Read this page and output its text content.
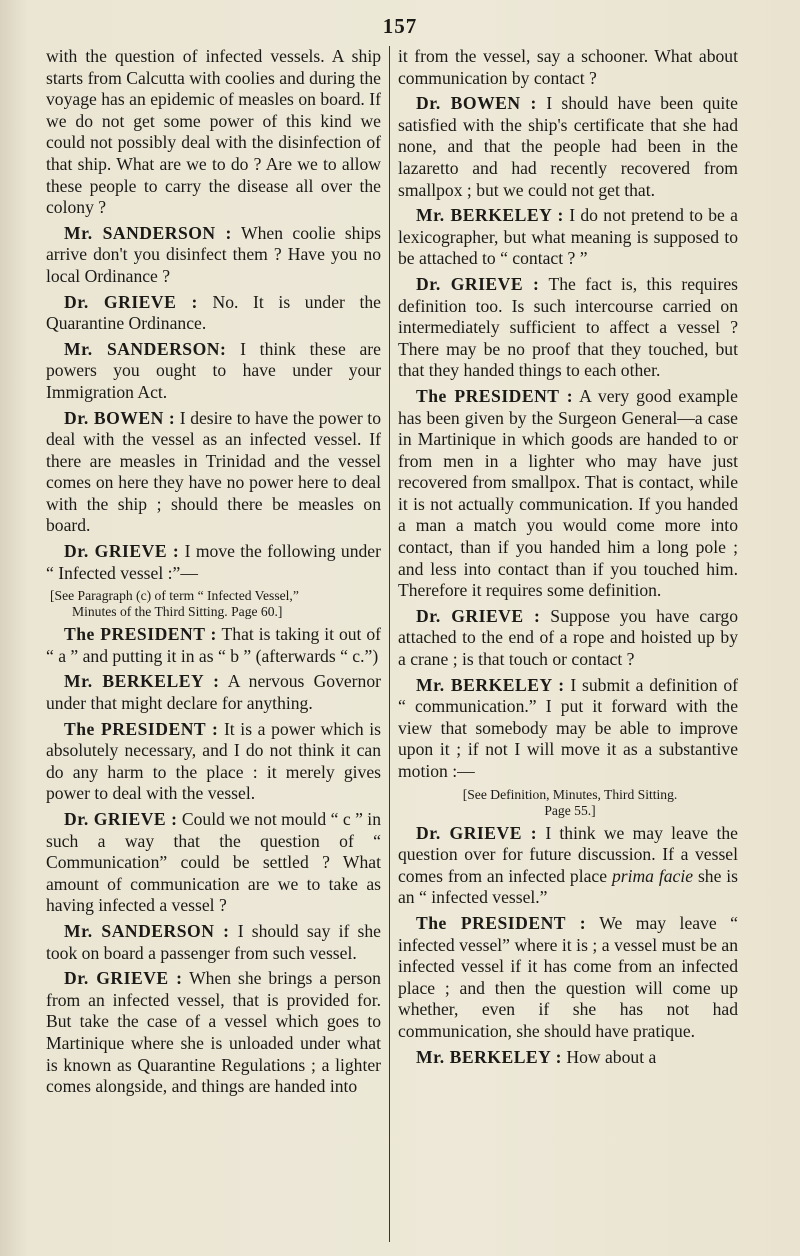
157

with the question of infected vessels. A ship starts from Calcutta with coolies and during the voyage has an epidemic of measles on board. If we do not get some power of this kind we could not possibly deal with the disinfection of that ship. What are we to do ? Are we to allow these people to carry the disease all over the colony ?

Mr. SANDERSON : When coolie ships arrive don't you disinfect them ? Have you no local Ordinance ?

Dr. GRIEVE : No. It is under the Quarantine Ordinance.

Mr. SANDERSON: I think these are powers you ought to have under your Immigration Act.

Dr. BOWEN : I desire to have the power to deal with the vessel as an infected vessel. If there are measles in Trinidad and the vessel comes on here they have no power here to deal with the ship ; should there be measles on board.

Dr. GRIEVE : I move the following under “ Infected vessel :”—

[See Paragraph (c) of term “ Infected Vessel,”
Minutes of the Third Sitting. Page 60.]

The PRESIDENT : That is taking it out of “ a ” and putting it in as “ b ” (afterwards “ c.”)

Mr. BERKELEY : A nervous Governor under that might declare for anything.

The PRESIDENT : It is a power which is absolutely necessary, and I do not think it can do any harm to the place : it merely gives power to deal with the vessel.

Dr. GRIEVE : Could we not mould “ c ” in such a way that the question of “ Communication” could be settled ? What amount of communication are we to take as having infected a vessel ?

Mr. SANDERSON : I should say if she took on board a passenger from such vessel.

Dr. GRIEVE : When she brings a person from an infected vessel, that is provided for. But take the case of a vessel which goes to Martinique where she is unloaded under what is known as Quarantine Regulations ; a lighter comes alongside, and things are handed into

it from the vessel, say a schooner. What about communication by contact ?

Dr. BOWEN : I should have been quite satisfied with the ship's certificate that she had none, and that the people had been in the lazaretto and had recently recovered from smallpox ; but we could not get that.

Mr. BERKELEY : I do not pretend to be a lexicographer, but what meaning is supposed to be attached to “ contact ? ”

Dr. GRIEVE : The fact is, this requires definition too. Is such intercourse carried on intermediately sufficient to affect a vessel ? There may be no proof that they touched, but that they handed things to each other.

The PRESIDENT : A very good example has been given by the Surgeon General—a case in Martinique in which goods are handed to or from men in a lighter who may have just recovered from smallpox. That is contact, while it is not actually communication. If you handed a man a match you would come more into contact, than if you handed him a long pole ; and less into contact than if you touched him. Therefore it requires some definition.

Dr. GRIEVE : Suppose you have cargo attached to the end of a rope and hoisted up by a crane ; is that touch or contact ?

Mr. BERKELEY : I submit a definition of “ communication.” I put it forward with the view that somebody may be able to improve upon it ; if not I will move it as a substantive motion :—

[See Definition, Minutes, Third Sitting.
Page 55.]

Dr. GRIEVE : I think we may leave the question over for future discussion. If a vessel comes from an infected place prima facie she is an “ infected vessel.”

The PRESIDENT : We may leave “ infected vessel” where it is ; a vessel must be an infected vessel if it has come from an infected place ; and then the question will come up whether, even if she has not had communication, she should have pratique.

Mr. BERKELEY : How about a
